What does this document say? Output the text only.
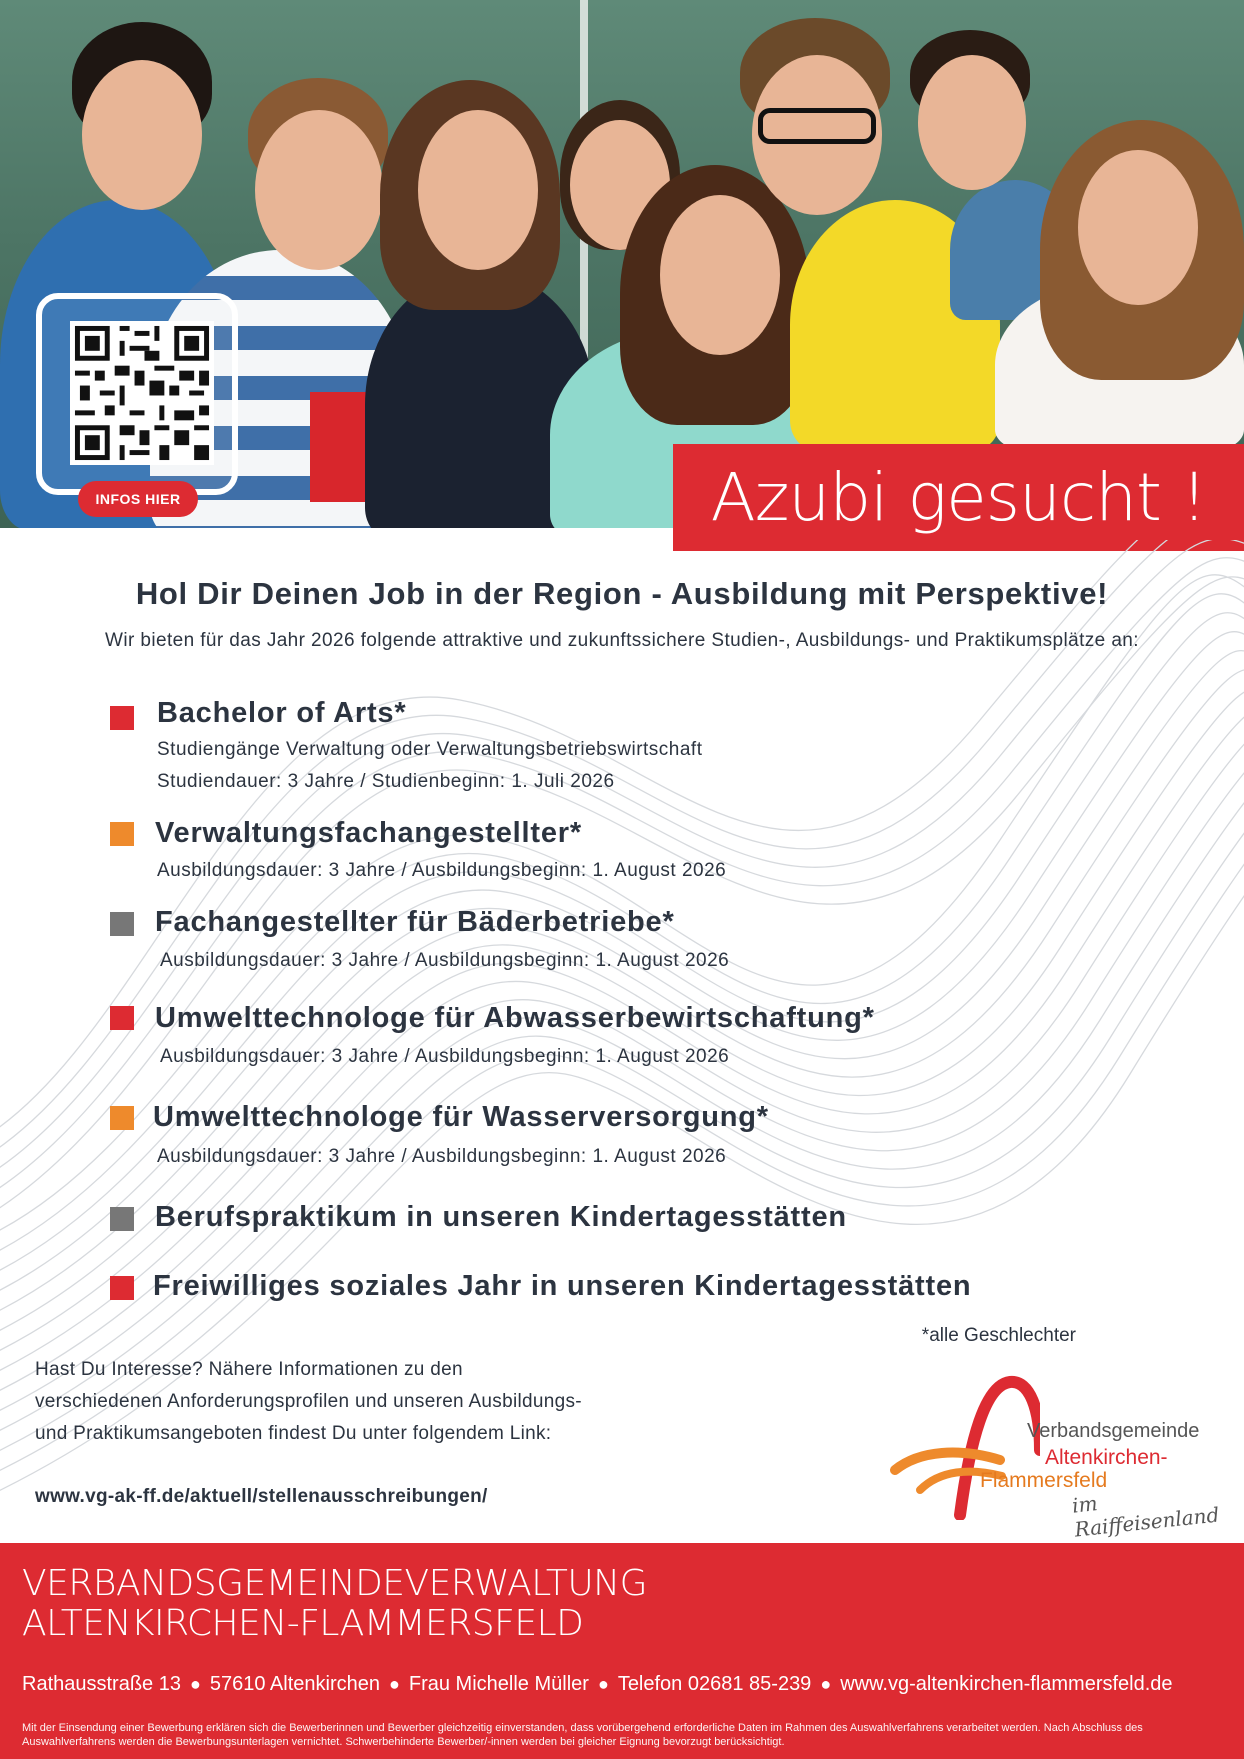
INFOS HIER	Azubi gesucht !
Hol Dir Deinen Job in der Region - Ausbildung mit Perspektive!
Wir bieten für das Jahr 2026 folgende attraktive und zukunftssichere Studien-, Ausbildungs- und Praktikumsplätze an:
Bachelor of Arts*
Studiengänge Verwaltung oder Verwaltungsbetriebswirtschaft
Studiendauer: 3 Jahre / Studienbeginn: 1. Juli 2026
Verwaltungsfachangestellter*
Ausbildungsdauer: 3 Jahre / Ausbildungsbeginn: 1. August 2026
Fachangestellter für Bäderbetriebe*
Ausbildungsdauer: 3 Jahre / Ausbildungsbeginn: 1. August 2026
Umwelttechnologe für Abwasserbewirtschaftung*
Ausbildungsdauer: 3 Jahre / Ausbildungsbeginn: 1. August 2026
Umwelttechnologe für Wasserversorgung*
Ausbildungsdauer: 3 Jahre / Ausbildungsbeginn: 1. August 2026
Berufspraktikum in unseren Kindertagesstätten
Freiwilliges soziales Jahr in unseren Kindertagesstätten
*alle Geschlechter
Hast Du Interesse? Nähere Informationen zu den verschiedenen Anforderungsprofilen und unseren Ausbildungs- und Praktikumsangeboten findest Du unter folgendem Link:
www.vg-ak-ff.de/aktuell/stellenausschreibungen/
Verbandsgemeinde
Altenkirchen-
Flammersfeld
im Raiffeisenland
VERBANDSGEMEINDEVERWALTUNG
ALTENKIRCHEN-FLAMMERSFELD
Rathausstraße 13 ● 57610 Altenkirchen ● Frau Michelle Müller ● Telefon 02681 85-239 ● www.vg-altenkirchen-flammersfeld.de
Mit der Einsendung einer Bewerbung erklären sich die Bewerberinnen und Bewerber gleichzeitig einverstanden, dass vorübergehend erforderliche Daten im Rahmen des Auswahlverfahrens verarbeitet werden. Nach Abschluss des Auswahlverfahrens werden die Bewerbungsunterlagen vernichtet. Schwerbehinderte Bewerber/-innen werden bei gleicher Eignung bevorzugt berücksichtigt.
